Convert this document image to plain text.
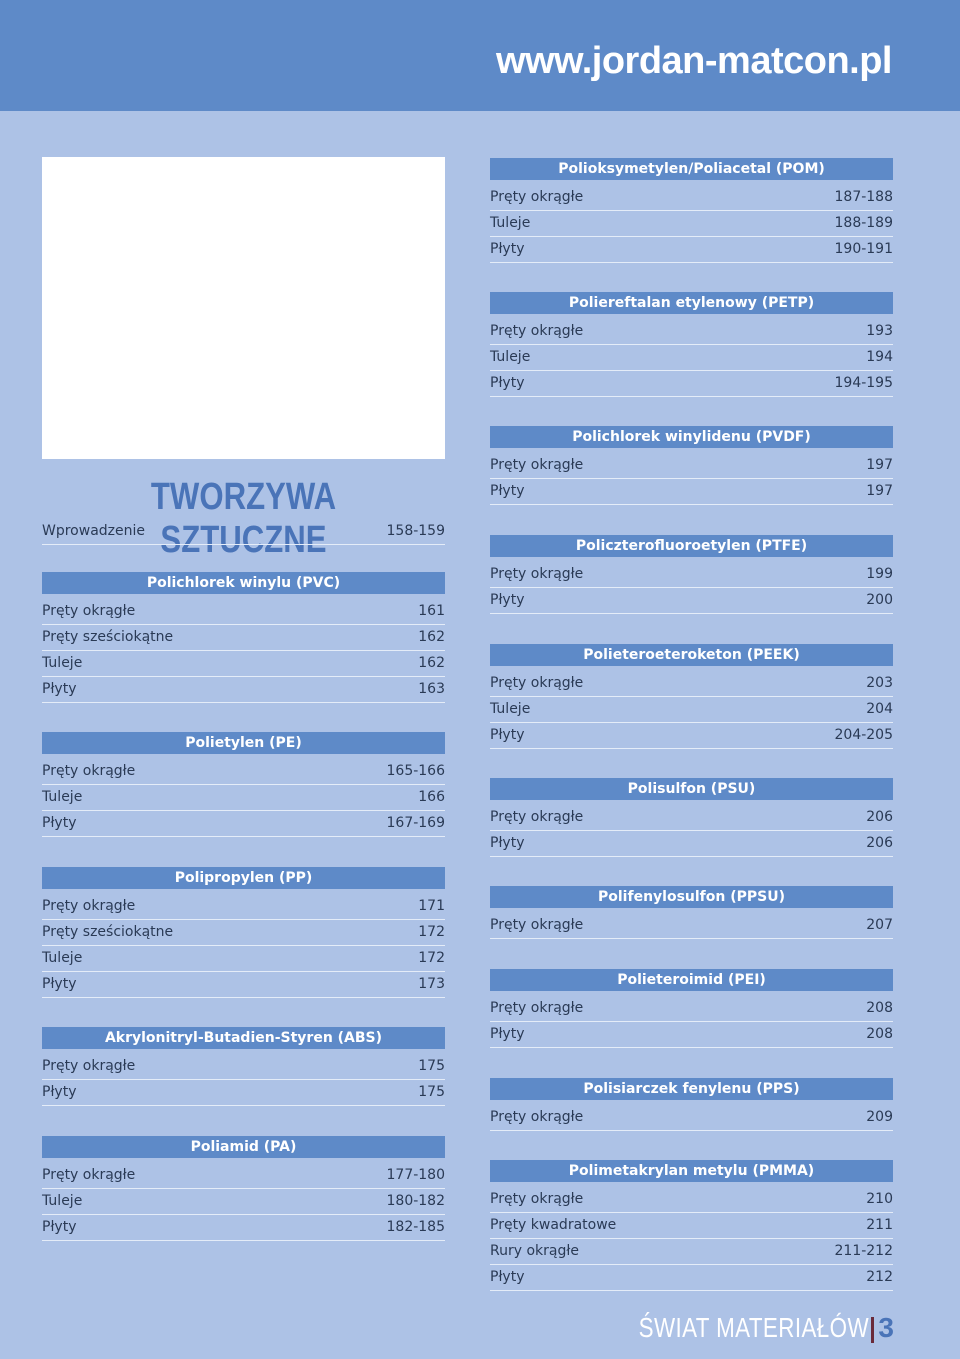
www.jordan-matcon.pl
TWORZYWA SZTUCZNE
Wprowadzenie	158-159
Polichlorek winylu (PVC)
Pręty okrągłe	161
Pręty sześciokątne	162
Tuleje	162
Płyty	163
Polietylen (PE)
Pręty okrągłe	165-166
Tuleje	166
Płyty	167-169
Polipropylen (PP)
Pręty okrągłe	171
Pręty sześciokątne	172
Tuleje	172
Płyty	173
Akrylonitryl-Butadien-Styren (ABS)
Pręty okrągłe	175
Płyty	175
Poliamid (PA)
Pręty okrągłe	177-180
Tuleje	180-182
Płyty	182-185
Polioksymetylen/Poliacetal (POM)
Pręty okrągłe	187-188
Tuleje	188-189
Płyty	190-191
Poliereftalan etylenowy (PETP)
Pręty okrągłe	193
Tuleje	194
Płyty	194-195
Polichlorek winylidenu (PVDF)
Pręty okrągłe	197
Płyty	197
Policzterofluoroetylen (PTFE)
Pręty okrągłe	199
Płyty	200
Polieteroeteroketon (PEEK)
Pręty okrągłe	203
Tuleje	204
Płyty	204-205
Polisulfon (PSU)
Pręty okrągłe	206
Płyty	206
Polifenylosulfon (PPSU)
Pręty okrągłe	207
Polieteroimid (PEI)
Pręty okrągłe	208
Płyty	208
Polisiarczek fenylenu (PPS)
Pręty okrągłe	209
Polimetakrylan metylu (PMMA)
Pręty okrągłe	210
Pręty kwadratowe	211
Rury okrągłe	211-212
Płyty	212
ŚWIAT MATERIAŁÓW 3
